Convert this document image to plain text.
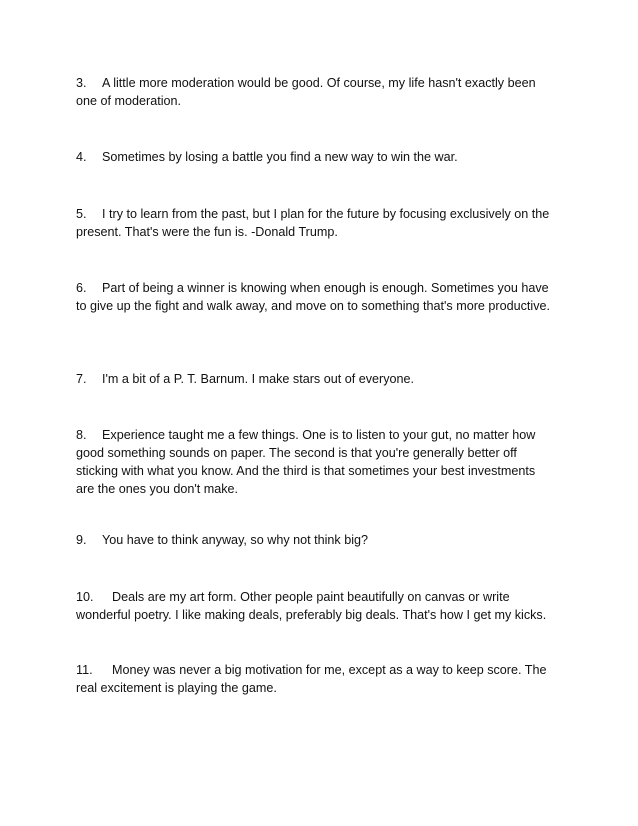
3. A little more moderation would be good. Of course, my life hasn't exactly been one of moderation.

4. Sometimes by losing a battle you find a new way to win the war.

5. I try to learn from the past, but I plan for the future by focusing exclusively on the present. That's were the fun is. -Donald Trump.

6. Part of being a winner is knowing when enough is enough. Sometimes you have to give up the fight and walk away, and move on to something that's more productive.

7. I'm a bit of a P. T. Barnum. I make stars out of everyone.

8. Experience taught me a few things. One is to listen to your gut, no matter how good something sounds on paper. The second is that you're generally better off sticking with what you know. And the third is that sometimes your best investments are the ones you don't make.

9. You have to think anyway, so why not think big?

10. Deals are my art form. Other people paint beautifully on canvas or write wonderful poetry. I like making deals, preferably big deals. That's how I get my kicks.

11. Money was never a big motivation for me, except as a way to keep score. The real excitement is playing the game.
